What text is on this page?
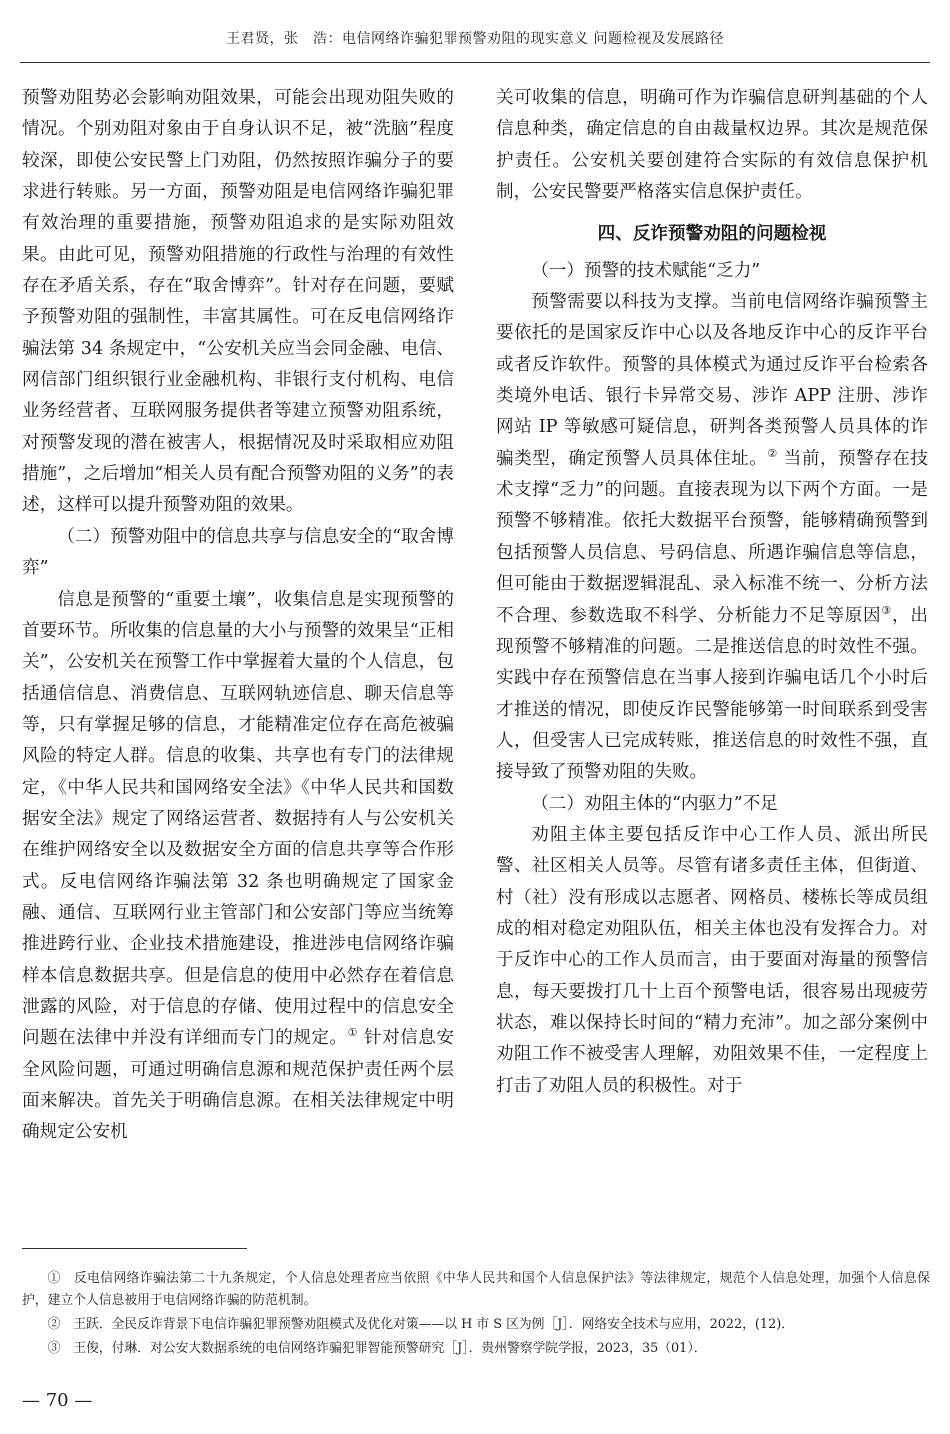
王君贤，张　浩：电信网络诈骗犯罪预警劝阻的现实意义 问题检视及发展路径

预警劝阻势必会影响劝阻效果，可能会出现劝阻失败的情况。个别劝阻对象由于自身认识不足，被“洗脑”程度较深，即使公安民警上门劝阻，仍然按照诈骗分子的要求进行转账。另一方面，预警劝阻是电信网络诈骗犯罪有效治理的重要措施，预警劝阻追求的是实际劝阻效果。由此可见，预警劝阻措施的行政性与治理的有效性存在矛盾关系，存在“取舍博弈”。针对存在问题，要赋予预警劝阻的强制性，丰富其属性。可在反电信网络诈骗法第 34 条规定中，“公安机关应当会同金融、电信、网信部门组织银行业金融机构、非银行支付机构、电信业务经营者、互联网服务提供者等建立预警劝阻系统，对预警发现的潜在被害人，根据情况及时采取相应劝阻措施”，之后增加“相关人员有配合预警劝阻的义务”的表述，这样可以提升预警劝阻的效果。

（二）预警劝阻中的信息共享与信息安全的“取舍博弈”

信息是预警的“重要土壤”，收集信息是实现预警的首要环节。所收集的信息量的大小与预警的效果呈“正相关”，公安机关在预警工作中掌握着大量的个人信息，包括通信信息、消费信息、互联网轨迹信息、聊天信息等等，只有掌握足够的信息，才能精准定位存在高危被骗风险的特定人群。信息的收集、共享也有专门的法律规定，《中华人民共和国网络安全法》《中华人民共和国数据安全法》规定了网络运营者、数据持有人与公安机关在维护网络安全以及数据安全方面的信息共享等合作形式。反电信网络诈骗法第 32 条也明确规定了国家金融、通信、互联网行业主管部门和公安部门等应当统筹推进跨行业、企业技术措施建设，推进涉电信网络诈骗样本信息数据共享。但是信息的使用中必然存在着信息泄露的风险，对于信息的存储、使用过程中的信息安全问题在法律中并没有详细而专门的规定。① 针对信息安全风险问题，可通过明确信息源和规范保护责任两个层面来解决。首先关于明确信息源。在相关法律规定中明确规定公安机

关可收集的信息，明确可作为诈骗信息研判基础的个人信息种类，确定信息的自由裁量权边界。其次是规范保护责任。公安机关要创建符合实际的有效信息保护机制，公安民警要严格落实信息保护责任。

四、反诈预警劝阻的问题检视

（一）预警的技术赋能“乏力”

预警需要以科技为支撑。当前电信网络诈骗预警主要依托的是国家反诈中心以及各地反诈中心的反诈平台或者反诈软件。预警的具体模式为通过反诈平台检索各类境外电话、银行卡异常交易、涉诈 APP 注册、涉诈网站 IP 等敏感可疑信息，研判各类预警人员具体的诈骗类型，确定预警人员具体住址。② 当前，预警存在技术支撑“乏力”的问题。直接表现为以下两个方面。一是预警不够精准。依托大数据平台预警，能够精确预警到包括预警人员信息、号码信息、所遇诈骗信息等信息，但可能由于数据逻辑混乱、录入标准不统一、分析方法不合理、参数选取不科学、分析能力不足等原因③，出现预警不够精准的问题。二是推送信息的时效性不强。实践中存在预警信息在当事人接到诈骗电话几个小时后才推送的情况，即使反诈民警能够第一时间联系到受害人，但受害人已完成转账，推送信息的时效性不强，直接导致了预警劝阻的失败。

（二）劝阻主体的“内驱力”不足

劝阻主体主要包括反诈中心工作人员、派出所民警、社区相关人员等。尽管有诸多责任主体，但街道、村（社）没有形成以志愿者、网格员、楼栋长等成员组成的相对稳定劝阻队伍，相关主体也没有发挥合力。对于反诈中心的工作人员而言，由于要面对海量的预警信息，每天要拨打几十上百个预警电话，很容易出现疲劳状态，难以保持长时间的“精力充沛”。加之部分案例中劝阻工作不被受害人理解，劝阻效果不佳，一定程度上打击了劝阻人员的积极性。对于

①　反电信网络诈骗法第二十九条规定，个人信息处理者应当依照《中华人民共和国个人信息保护法》等法律规定，规范个人信息处理，加强个人信息保护，建立个人信息被用于电信网络诈骗的防范机制。

②　王跃．全民反诈背景下电信诈骗犯罪预警劝阻模式及优化对策——以 H 市 S 区为例［J］．网络安全技术与应用，2022，(12)．

③　王俊，付琳．对公安大数据系统的电信网络诈骗犯罪智能预警研究［J］．贵州警察学院学报，2023，35（01）．

— 70 —
